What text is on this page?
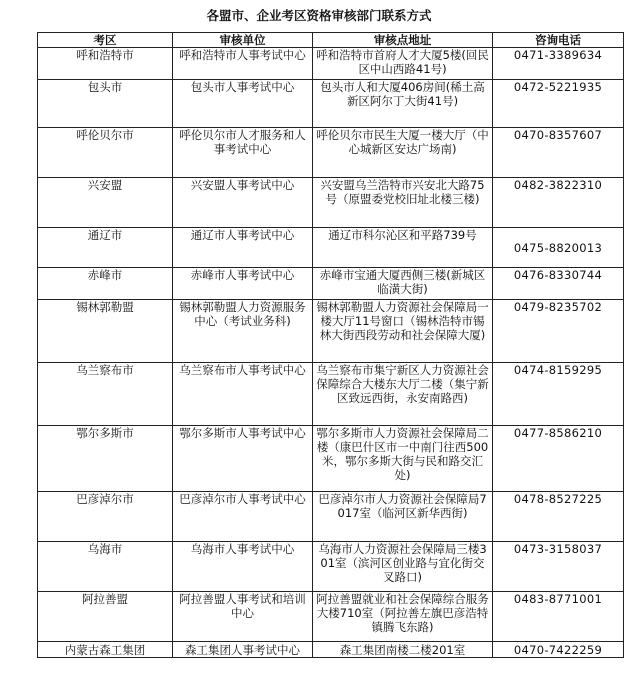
各盟市、企业考区资格审核部门联系方式
考区	审核单位	审核点地址	咨询电话
呼和浩特市	呼和浩特市人事考试中心	呼和浩特市首府人才大厦5楼(回民区中山西路41号)	0471-3389634
包头市	包头市人事考试中心	包头市人和大厦406房间(稀土高新区阿尔丁大街41号)	0472-5221935
呼伦贝尔市	呼伦贝尔市人才服务和人事考试中心	呼伦贝尔市民生大厦一楼大厅（中心城新区安达广场南)	0470-8357607
兴安盟	兴安盟人事考试中心	兴安盟乌兰浩特市兴安北大路75号（原盟委党校旧址北楼三楼)	0482-3822310
通辽市	通辽市人事考试中心	通辽市科尔沁区和平路739号	0475-8820013
赤峰市	赤峰市人事考试中心	赤峰市宝通大厦西侧三楼(新城区临潢大街)	0476-8330744
锡林郭勒盟	锡林郭勒盟人力资源服务中心（考试业务科)	锡林郭勒盟人力资源社会保障局一楼大厅11号窗口（锡林浩特市锡林大街西段劳动和社会保障大厦)	0479-8235702
乌兰察布市	乌兰察布市人事考试中心	乌兰察布市集宁新区人力资源社会保障综合大楼东大厅二楼（集宁新区致远西街，永安南路西)	0474-8159295
鄂尔多斯市	鄂尔多斯市人事考试中心	鄂尔多斯市人力资源社会保障局二楼（康巴什区市一中南门往西500米，鄂尔多斯大街与民和路交汇处)	0477-8586210
巴彦淖尔市	巴彦淖尔市人事考试中心	巴彦淖尔市人力资源社会保障局7017室（临河区新华西街)	0478-8527225
乌海市	乌海市人事考试中心	乌海市人力资源社会保障局三楼301室（滨河区创业路与宜化街交叉路口)	0473-3158037
阿拉善盟	阿拉善盟人事考试和培训中心	阿拉善盟就业和社会保障综合服务大楼710室（阿拉善左旗巴彦浩特镇腾飞东路)	0483-8771001
内蒙古森工集团	森工集团人事考试中心	森工集团南楼二楼201室	0470-7422259
